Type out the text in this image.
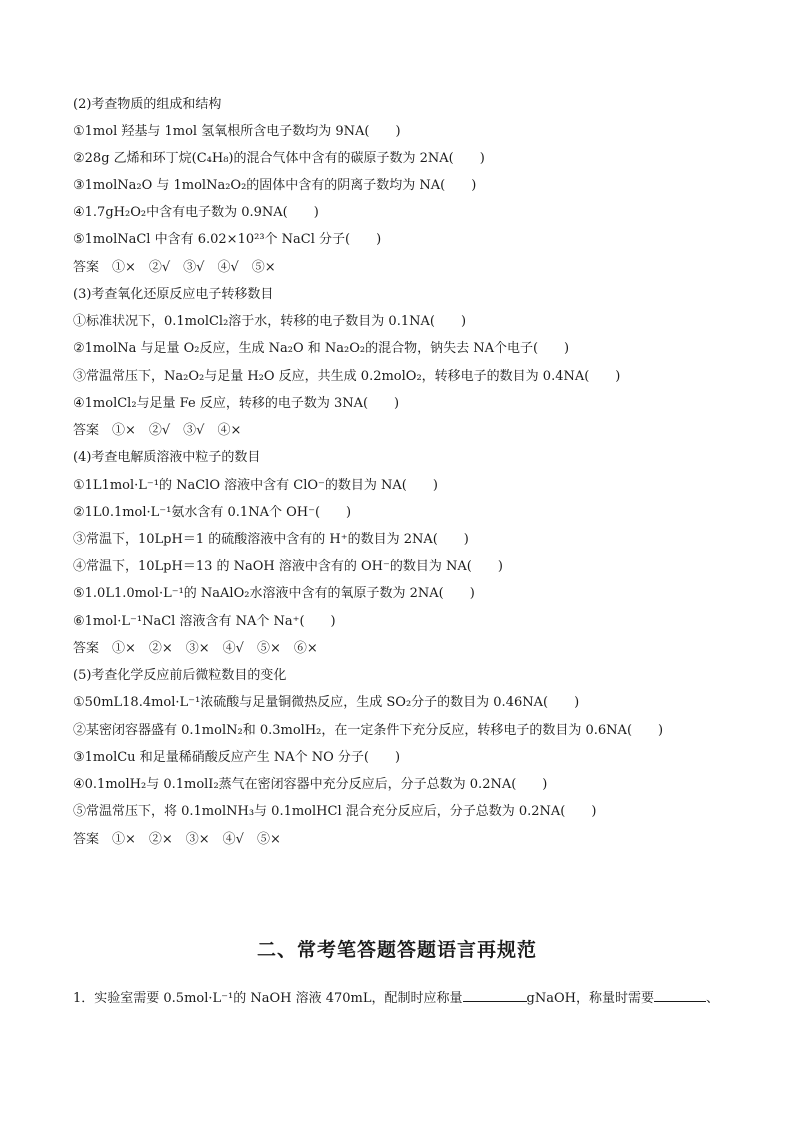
(2)考查物质的组成和结构
①1mol 羟基与 1mol 氢氧根所含电子数均为 9NA(　　)
②28g 乙烯和环丁烷(C₄H₈)的混合气体中含有的碳原子数为 2NA(　　)
③1molNa₂O 与 1molNa₂O₂的固体中含有的阴离子数均为 NA(　　)
④1.7gH₂O₂中含有电子数为 0.9NA(　　)
⑤1molNaCl 中含有 6.02×10²³个 NaCl 分子(　　)
答案　①×　②√　③√　④√　⑤×
(3)考查氧化还原反应电子转移数目
①标准状况下，0.1molCl₂溶于水，转移的电子数目为 0.1NA(　　)
②1molNa 与足量 O₂反应，生成 Na₂O 和 Na₂O₂的混合物，钠失去 NA个电子(　　)
③常温常压下，Na₂O₂与足量 H₂O 反应，共生成 0.2molO₂，转移电子的数目为 0.4NA(　　)
④1molCl₂与足量 Fe 反应，转移的电子数为 3NA(　　)
答案　①×　②√　③√　④×
(4)考查电解质溶液中粒子的数目
①1L1mol·L⁻¹的 NaClO 溶液中含有 ClO⁻的数目为 NA(　　)
②1L0.1mol·L⁻¹氨水含有 0.1NA个 OH⁻(　　)
③常温下，10LpH＝1 的硫酸溶液中含有的 H⁺的数目为 2NA(　　)
④常温下，10LpH＝13 的 NaOH 溶液中含有的 OH⁻的数目为 NA(　　)
⑤1.0L1.0mol·L⁻¹的 NaAlO₂水溶液中含有的氧原子数为 2NA(　　)
⑥1mol·L⁻¹NaCl 溶液含有 NA个 Na⁺(　　)
答案　①×　②×　③×　④√　⑤×　⑥×
(5)考查化学反应前后微粒数目的变化
①50mL18.4mol·L⁻¹浓硫酸与足量铜微热反应，生成 SO₂分子的数目为 0.46NA(　　)
②某密闭容器盛有 0.1molN₂和 0.3molH₂，在一定条件下充分反应，转移电子的数目为 0.6NA(　　)
③1molCu 和足量稀硝酸反应产生 NA个 NO 分子(　　)
④0.1molH₂与 0.1molI₂蒸气在密闭容器中充分反应后，分子总数为 0.2NA(　　)
⑤常温常压下，将 0.1molNH₃与 0.1molHCl 混合充分反应后，分子总数为 0.2NA(　　)
答案　①×　②×　③×　④√　⑤×
二、常考笔答题答题语言再规范
1．实验室需要 0.5mol·L⁻¹的 NaOH 溶液 470mL，配制时应称量	gNaOH，称量时需要	、
